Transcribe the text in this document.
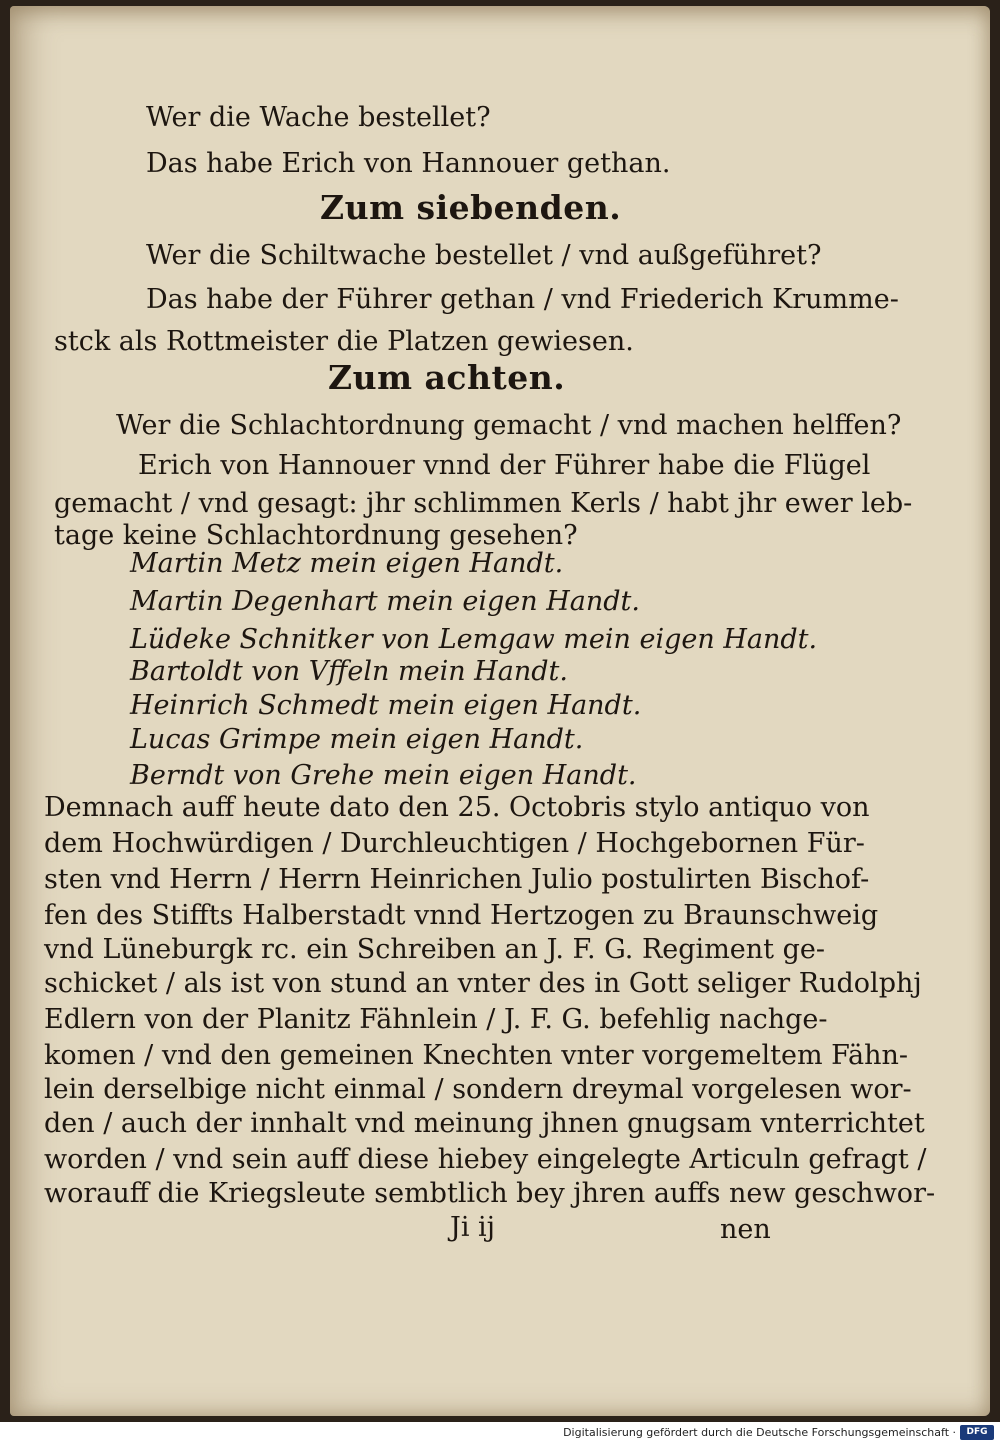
Wer die Wache bestellet?
Das habe Erich von Hannouer gethan.
Zum siebenden.
Wer die Schiltwache bestellet / vnd außgeführet?
Das habe der Führer gethan / vnd Friederich Krumme-
stck als Rottmeister die Platzen gewiesen.
Zum achten.
Wer die Schlachtordnung gemacht / vnd machen helffen?
Erich von Hannouer vnnd der Führer habe die Flügel
gemacht / vnd gesagt: jhr schlimmen Kerls / habt jhr ewer leb-
tage keine Schlachtordnung gesehen?
Martin Metz mein eigen Handt.
Martin Degenhart mein eigen Handt.
Lüdeke Schnitker von Lemgaw mein eigen Handt.
Bartoldt von Vffeln mein Handt.
Heinrich Schmedt mein eigen Handt.
Lucas Grimpe mein eigen Handt.
Berndt von Grehe mein eigen Handt.
Demnach auff heute dato den 25. Octobris stylo antiquo von
dem Hochwürdigen / Durchleuchtigen / Hochgebornen Für-
sten vnd Herrn / Herrn Heinrichen Julio postulirten Bischof-
fen des Stiffts Halberstadt vnnd Hertzogen zu Braunschweig
vnd Lüneburgk rc. ein Schreiben an J. F. G. Regiment ge-
schicket / als ist von stund an vnter des in Gott seliger Rudolphj
Edlern von der Planitz Fähnlein / J. F. G. befehlig nachge-
komen / vnd den gemeinen Knechten vnter vorgemeltem Fähn-
lein derselbige nicht einmal / sondern dreymal vorgelesen wor-
den / auch der innhalt vnd meinung jhnen gnugsam vnterrichtet
worden / vnd sein auff diese hiebey eingelegte Articuln gefragt /
worauff die Kriegsleute sembtlich bey jhren auffs new geschwor-
Ji ij	nen
Digitalisierung gefördert durch die Deutsche Forschungsgemeinschaft ·	DFG
